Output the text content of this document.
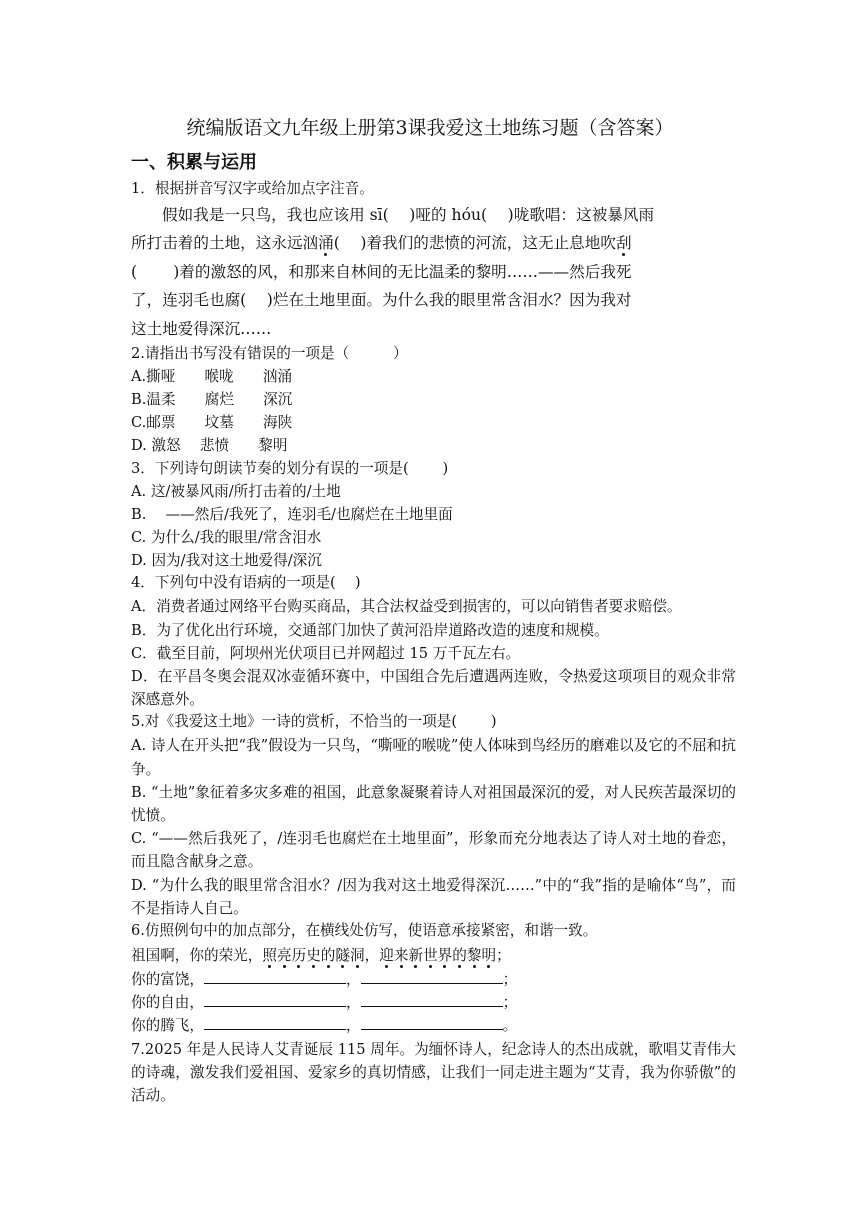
统编版语文九年级上册第3课我爱这土地练习题（含答案）
一、积累与运用
1．根据拼音写汉字或给加点字注音。
假如我是一只鸟，我也应该用 sī(　 )哑的 hóu(　 )咙歌唱：这被暴风雨
所打击着的土地，这永远汹涌(　 )着我们的悲愤的河流，这无止息地吹刮
(　　 )着的激怒的风，和那来自林间的无比温柔的黎明……——然后我死
了，连羽毛也腐(　 )烂在土地里面。为什么我的眼里常含泪水？因为我对
这土地爱得深沉……
2.请指出书写没有错误的一项是（　　　）
A.撕哑　　喉咙　　汹涌
B.温柔　　腐烂　　深沉
C.邮票　　坟墓　　海陕
D. 激怒　 悲愤　　黎明
3．下列诗句朗读节奏的划分有误的一项是(　　 )
A. 这/被暴风雨/所打击着的/土地
B.　 ——然后/我死了，连羽毛/也腐烂在土地里面
C. 为什么/我的眼里/常含泪水
D. 因为/我对这土地爱得/深沉
4．下列句中没有语病的一项是(　 )
A．消费者通过网络平台购买商品，其合法权益受到损害的，可以向销售者要求赔偿。
B．为了优化出行环境，交通部门加快了黄河沿岸道路改造的速度和规模。
C．截至目前，阿坝州光伏项目已并网超过 15 万千瓦左右。
D．在平昌冬奥会混双冰壶循环赛中，中国组合先后遭遇两连败，令热爱这项项目的观众非常深感意外。
5.对《我爱这土地》一诗的赏析，不恰当的一项是(　　 )
A. 诗人在开头把“我”假设为一只鸟，“嘶哑的喉咙”使人体味到鸟经历的磨难以及它的不屈和抗争。
B. “土地”象征着多灾多难的祖国，此意象凝聚着诗人对祖国最深沉的爱，对人民疾苦最深切的忧愤。
C. “——然后我死了，/连羽毛也腐烂在土地里面”，形象而充分地表达了诗人对土地的眷恋，而且隐含献身之意。
D. “为什么我的眼里常含泪水？/因为我对这土地爱得深沉……”中的“我”指的是喻体“鸟”，而不是指诗人自己。
6.仿照例句中的加点部分，在横线处仿写，使语意承接紧密，和谐一致。
祖国啊，你的荣光，照亮历史的隧洞，迎来新世界的黎明；
你的富饶，	，	；
你的自由，	，	；
你的腾飞，	，	。
7.2025 年是人民诗人艾青诞辰 115 周年。为缅怀诗人，纪念诗人的杰出成就，歌唱艾青伟大的诗魂，激发我们爱祖国、爱家乡的真切情感，让我们一同走进主题为“艾青，我为你骄傲”的活动。
